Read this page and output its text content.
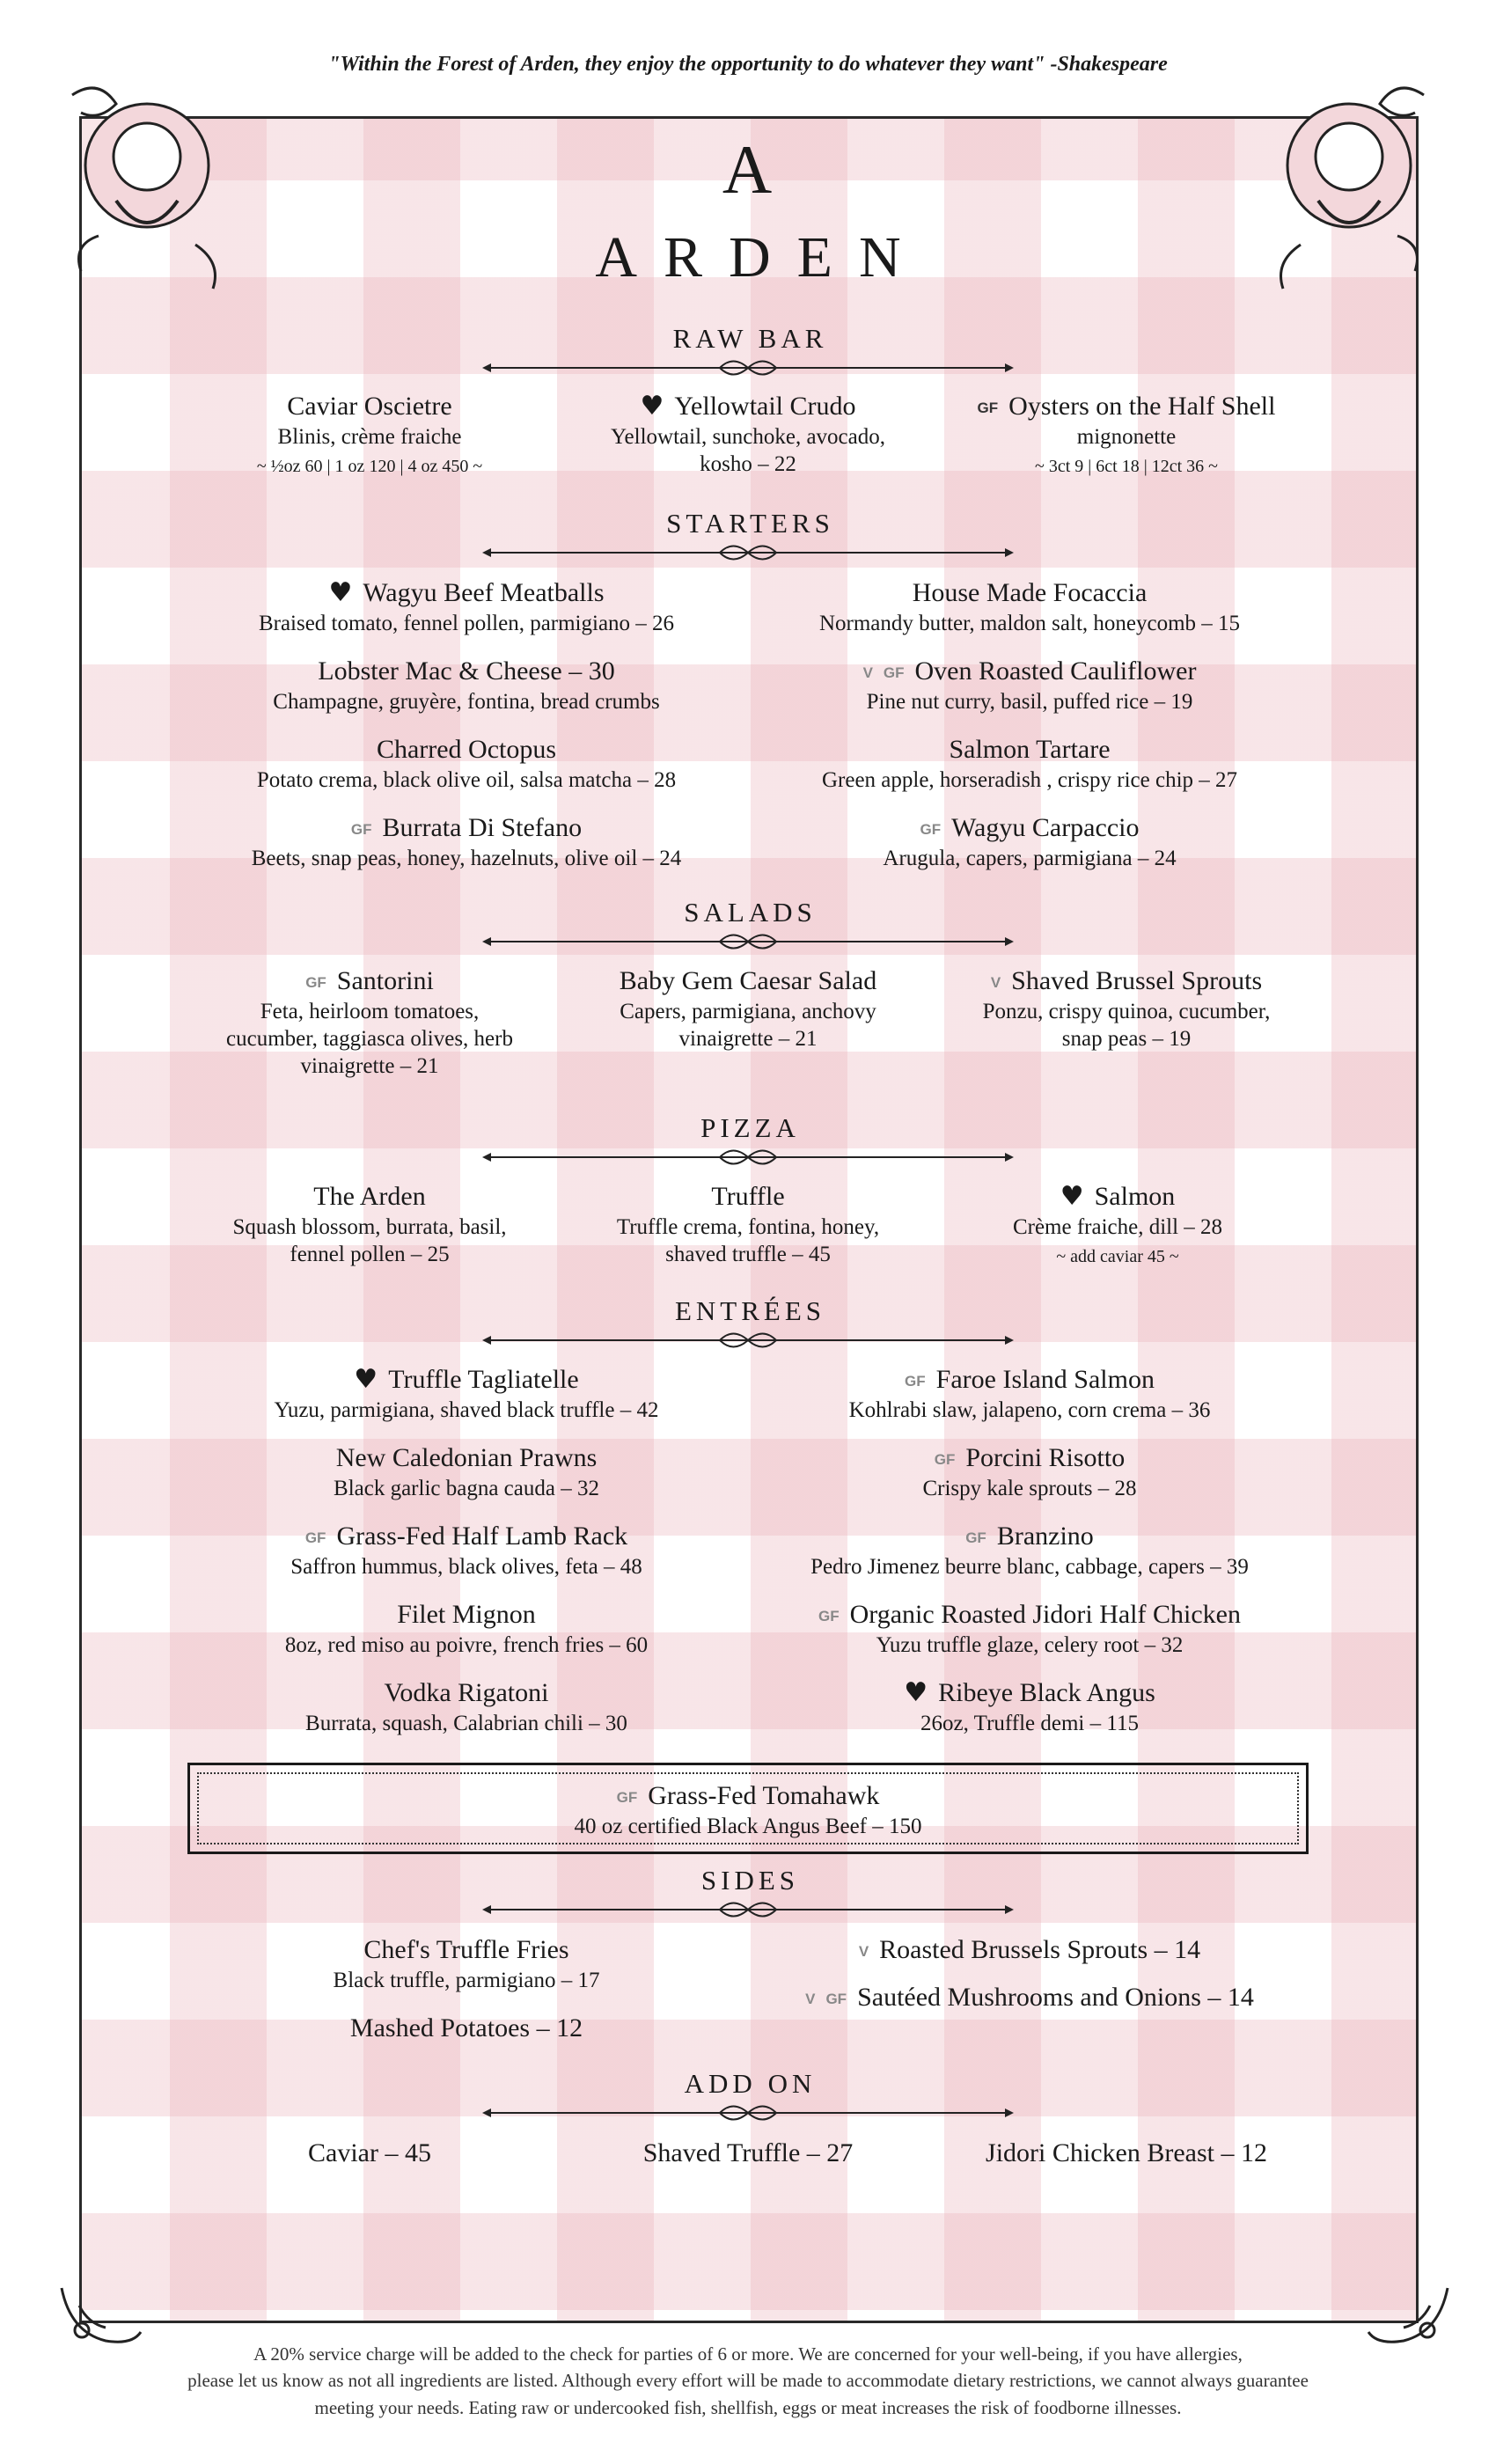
"Within the Forest of Arden, they enjoy the opportunity to do whatever they want" -Shakespeare
A
ARDEN
RAW BAR
Caviar Oscietre
Blinis, crème fraiche
~ ½oz 60 | 1 oz 120 | 4 oz 450 ~
♥ Yellowtail Crudo
Yellowtail, sunchoke, avocado,
kosho – 22
GF Oysters on the Half Shell
mignonette
~ 3ct 9 | 6ct 18 | 12ct 36 ~
STARTERS
♥ Wagyu Beef Meatballs
Braised tomato, fennel pollen, parmigiano – 26
House Made Focaccia
Normandy butter, maldon salt, honeycomb – 15
Lobster Mac & Cheese – 30
Champagne, gruyère, fontina, bread crumbs
V GF Oven Roasted Cauliflower
Pine nut curry, basil, puffed rice – 19
Charred Octopus
Potato crema, black olive oil, salsa matcha – 28
Salmon Tartare
Green apple, horseradish , crispy rice chip – 27
GF Burrata Di Stefano
Beets, snap peas, honey, hazelnuts, olive oil – 24
GF Wagyu Carpaccio
Arugula, capers, parmigiana – 24
SALADS
GF Santorini
Feta, heirloom tomatoes,
cucumber, taggiasca olives, herb
vinaigrette – 21
Baby Gem Caesar Salad
Capers, parmigiana, anchovy
vinaigrette – 21
V Shaved Brussel Sprouts
Ponzu, crispy quinoa, cucumber,
snap peas – 19
PIZZA
The Arden
Squash blossom, burrata, basil,
fennel pollen – 25
Truffle
Truffle crema, fontina, honey,
shaved truffle – 45
♥ Salmon
Crème fraiche, dill – 28
~ add caviar 45 ~
ENTRÉES
♥ Truffle Tagliatelle
Yuzu, parmigiana, shaved black truffle – 42
GF Faroe Island Salmon
Kohlrabi slaw, jalapeno, corn crema – 36
New Caledonian Prawns
Black garlic bagna cauda – 32
GF Porcini Risotto
Crispy kale sprouts – 28
GF Grass-Fed Half Lamb Rack
Saffron hummus, black olives, feta – 48
GF Branzino
Pedro Jimenez beurre blanc, cabbage, capers – 39
Filet Mignon
8oz, red miso au poivre, french fries – 60
GF Organic Roasted Jidori Half Chicken
Yuzu truffle glaze, celery root – 32
Vodka Rigatoni
Burrata, squash, Calabrian chili – 30
♥ Ribeye Black Angus
26oz, Truffle demi – 115
GF Grass-Fed Tomahawk
40 oz certified Black Angus Beef – 150
SIDES
Chef's Truffle Fries
Black truffle, parmigiano – 17
Mashed Potatoes – 12
V Roasted Brussels Sprouts – 14
V GF Sautéed Mushrooms and Onions – 14
ADD ON
Caviar – 45	Shaved Truffle – 27	Jidori Chicken Breast – 12
A 20% service charge will be added to the check for parties of 6 or more. We are concerned for your well-being, if you have allergies,
please let us know as not all ingredients are listed. Although every effort will be made to accommodate dietary restrictions, we cannot always guarantee
meeting your needs. Eating raw or undercooked fish, shellfish, eggs or meat increases the risk of foodborne illnesses.
